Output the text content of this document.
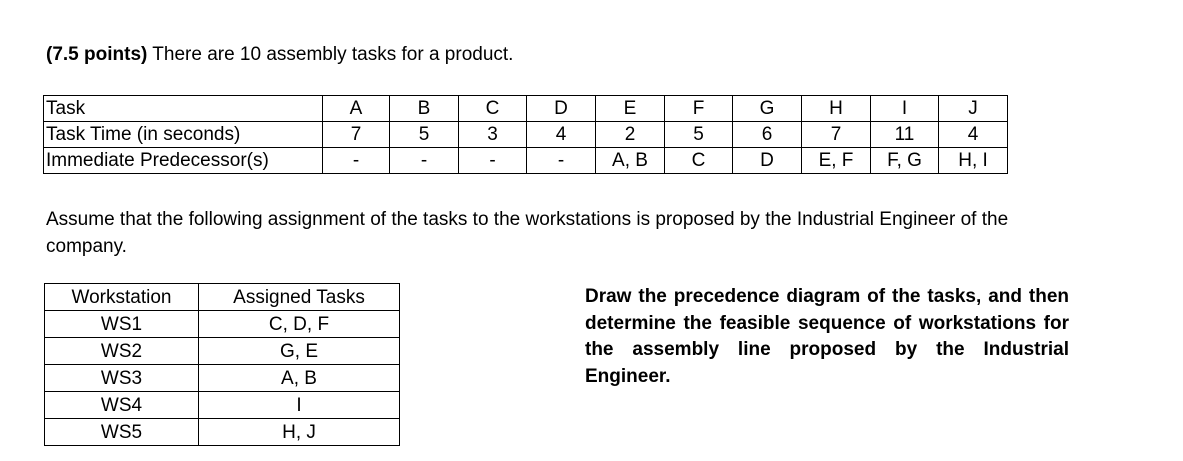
(7.5 points) There are 10 assembly tasks for a product.
Task	A	B	C	D	E	F	G	H	I	J
Task Time (in seconds)	7	5	3	4	2	5	6	7	11	4
Immediate Predecessor(s)	-	-	-	-	A, B	C	D	E, F	F, G	H, I
Assume that the following assignment of the tasks to the workstations is proposed by the Industrial Engineer of the company.
Workstation	Assigned Tasks
WS1	C, D, F
WS2	G, E
WS3	A, B
WS4	I
WS5	H, J
Draw the precedence diagram of the tasks, and then determine the feasible sequence of workstations for the assembly line proposed by the Industrial Engineer.
